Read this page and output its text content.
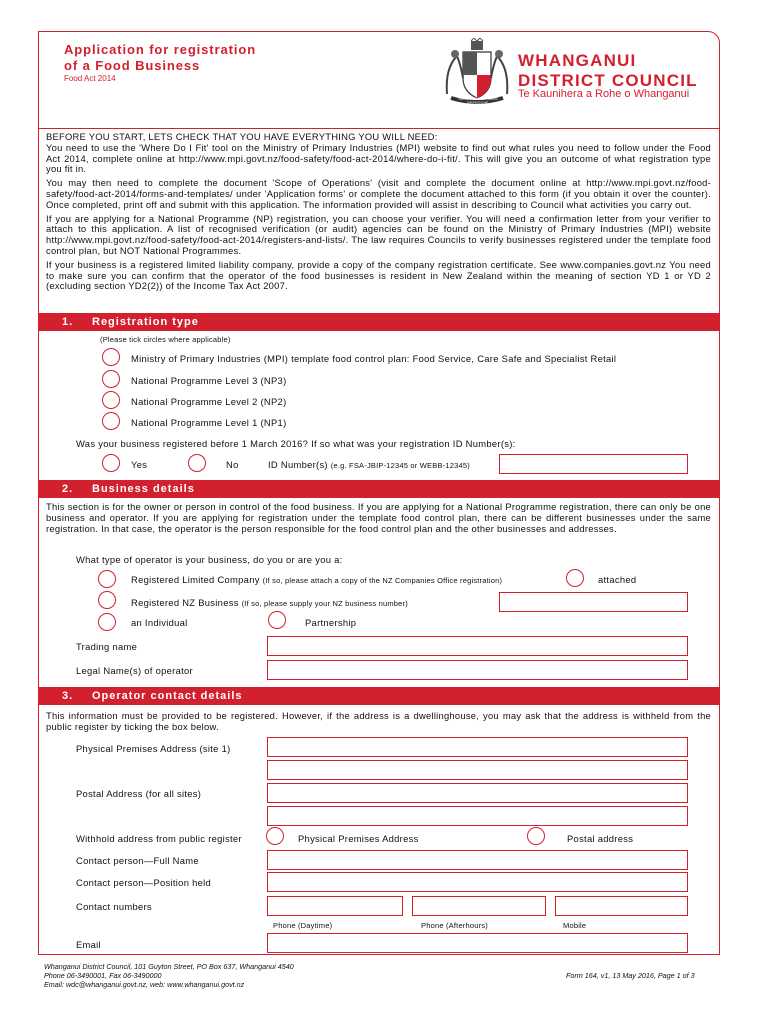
Application for registration
of a Food Business
Food Act 2014
SANS PEUR ET SANS REPROCHE
WHANGANUI
DISTRICT COUNCIL
Te Kaunihera a Rohe o Whanganui
BEFORE YOU START, LETS CHECK THAT YOU HAVE EVERYTHING YOU WILL NEED:

You need to use the 'Where Do I Fit' tool on the Ministry of Primary Industries (MPI) website to find out what rules you need to follow under the Food Act 2014, complete online at http://www.mpi.govt.nz/food-safety/food-act-2014/where-do-i-fit/. This will give you an outcome of what registration type you fit in.

You may then need to complete the document 'Scope of Operations' (visit and complete the document online at http://www.mpi.govt.nz/food-safety/food-act-2014/forms-and-templates/ under 'Application forms' or complete the document attached to this form (if you obtain it over the counter). Once completed, print off and submit with this application. The information provided will assist in describing to Council what activities you carry out.

If you are applying for a National Programme (NP) registration, you can choose your verifier. You will need a confirmation letter from your verifier to attach to this application. A list of recognised verification (or audit) agencies can be found on the Ministry of Primary Industries (MPI) website http://www.mpi.govt.nz/food-safety/food-act-2014/registers-and-lists/. The law requires Councils to verify businesses registered under the template food control plan, but NOT National Programmes.

If your business is a registered limited liability company, provide a copy of the company registration certificate. See www.companies.govt.nz You need to make sure you can confirm that the operator of the food businesses is resident in New Zealand within the meaning of section YD 1 or YD 2 (excluding section YD2(2)) of the Income Tax Act 2007.

1. Registration type
(Please tick circles where applicable)
Ministry of Primary Industries (MPI) template food control plan: Food Service, Care Safe and Specialist Retail
National Programme Level 3 (NP3)
National Programme Level 2 (NP2)
National Programme Level 1 (NP1)
Was your business registered before 1 March 2016? If so what was your registration ID Number(s):
Yes	No	ID Number(s) (e.g. FSA-JBIP-12345 or WEBB-12345)
2. Business details
This section is for the owner or person in control of the food business. If you are applying for a National Programme registration, there can only be one business and operator. If you are applying for registration under the template food control plan, there can be different businesses under the same registration. In that case, the operator is the person responsible for the food control plan and the other businesses and addresses.
What type of operator is your business, do you or are you a:
Registered Limited Company (If so, please attach a copy of the NZ Companies Office registration)	attached
Registered NZ Business (If so, please supply your NZ business number)
an Individual	Partnership
Trading name
Legal Name(s) of operator
3. Operator contact details
This information must be provided to be registered. However, if the address is a dwellinghouse, you may ask that the address is withheld from the public register by ticking the box below.
Physical Premises Address (site 1)
Postal Address (for all sites)
Withhold address from public register	Physical Premises Address	Postal address
Contact person—Full Name
Contact person—Position held
Contact numbers
Phone (Daytime)	Phone (Afterhours)	Mobile
Email
Whanganui District Council, 101 Guyton Street, PO Box 637, Whanganui 4540
Phone 06-3490001, Fax 06-3490000
Email: wdc@whanganui.govt.nz, web: www.whanganui.govt.nz
Form 164, v1, 13 May 2016, Page 1 of 3
